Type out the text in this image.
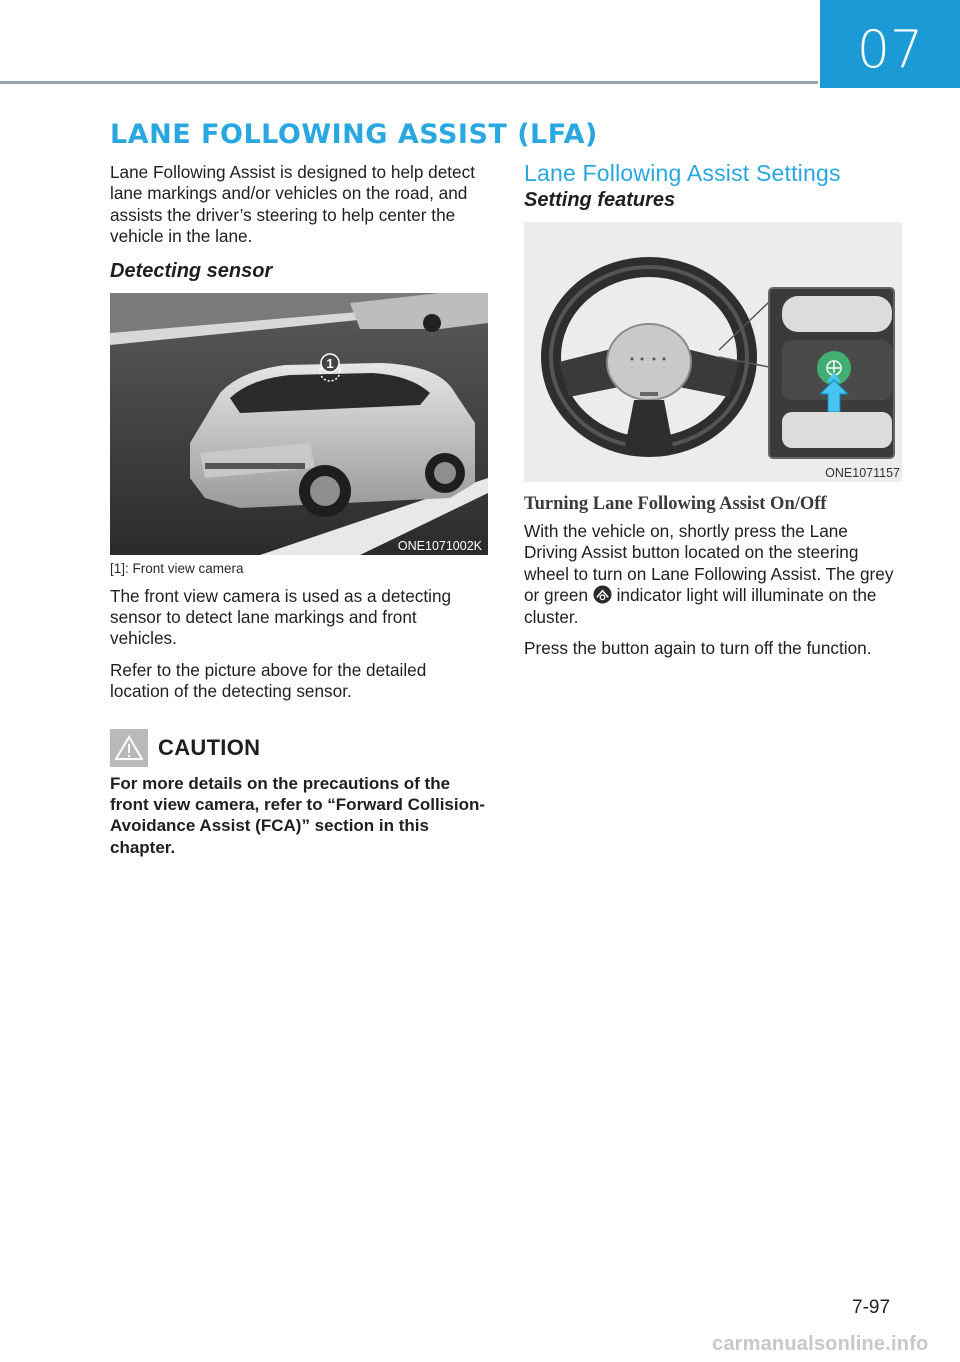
07
LANE FOLLOWING ASSIST (LFA)

Lane Following Assist is designed to help detect lane markings and/or vehicles on the road, and assists the driver’s steering to help center the vehicle in the lane.

Detecting sensor
1
ONE1071002K

[1]: Front view camera

The front view camera is used as a detecting sensor to detect lane markings and front vehicles.

Refer to the picture above for the detailed location of the detecting sensor.

CAUTION

For more details on the precautions of the front view camera, refer to “Forward Collision-Avoidance Assist (FCA)” section in this chapter.

Lane Following Assist Settings
Setting features
ONE1071157
Turning Lane Following Assist On/Off

With the vehicle on, shortly press the Lane Driving Assist button located on the steering wheel to turn on Lane Following Assist. The grey or green indicator light will illuminate on the cluster.

Press the button again to turn off the function.

7-97
carmanualsonline.info
